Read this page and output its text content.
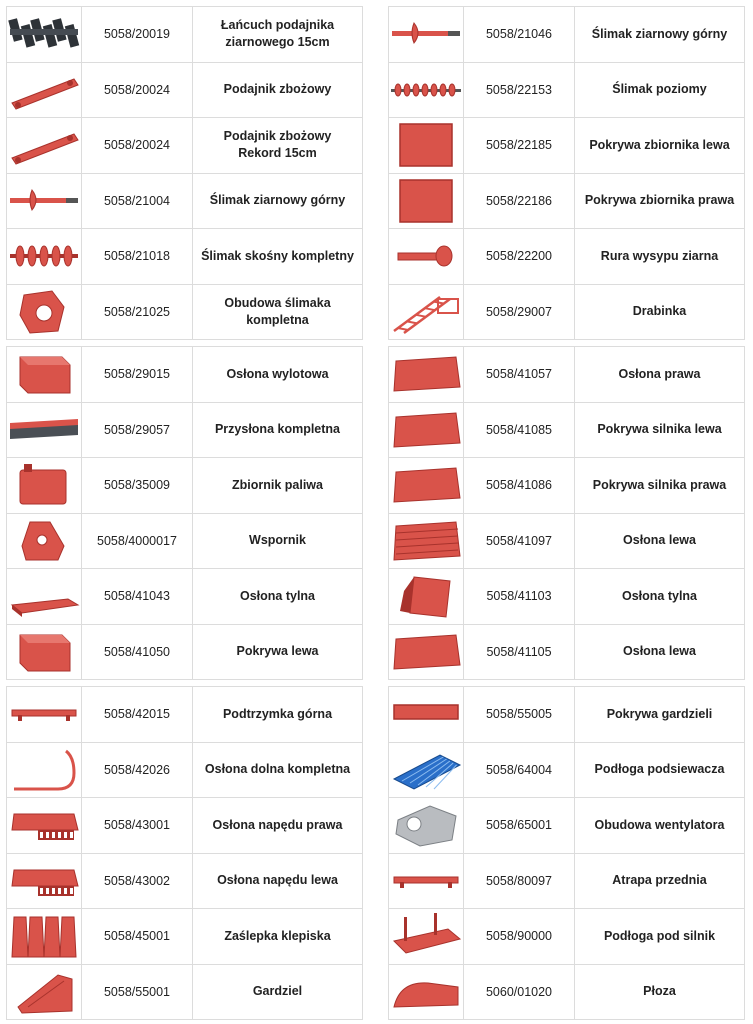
	5058/20019	Łańcuch podajnika ziarnowego 15cm

	5058/20024	Podajnik zbożowy

	5058/20024	Podajnik zbożowy Rekord 15cm

	5058/21004	Ślimak ziarnowy górny

	5058/21018	Ślimak skośny kompletny

	5058/21025	Obudowa ślimaka kompletna
	5058/21046	Ślimak ziarnowy górny

	5058/22153	Ślimak poziomy

	5058/22185	Pokrywa zbiornika lewa

	5058/22186	Pokrywa zbiornika prawa

	5058/22200	Rura wysypu ziarna

	5058/29007	Drabinka
	5058/29015	Osłona wylotowa

	5058/29057	Przysłona kompletna

	5058/35009	Zbiornik paliwa

	5058/4000017	Wspornik

	5058/41043	Osłona tylna

	5058/41050	Pokrywa lewa
	5058/41057	Osłona prawa

	5058/41085	Pokrywa silnika lewa

	5058/41086	Pokrywa silnika prawa

	5058/41097	Osłona lewa

	5058/41103	Osłona tylna

	5058/41105	Osłona lewa
	5058/42015	Podtrzymka górna

	5058/42026	Osłona dolna kompletna

	5058/43001	Osłona napędu prawa

	5058/43002	Osłona napędu lewa

	5058/45001	Zaślepka klepiska

	5058/55001	Gardziel
	5058/55005	Pokrywa gardzieli

	5058/64004	Podłoga podsiewacza

	5058/65001	Obudowa wentylatora

	5058/80097	Atrapa przednia

	5058/90000	Podłoga pod silnik

	5060/01020	Płoza
